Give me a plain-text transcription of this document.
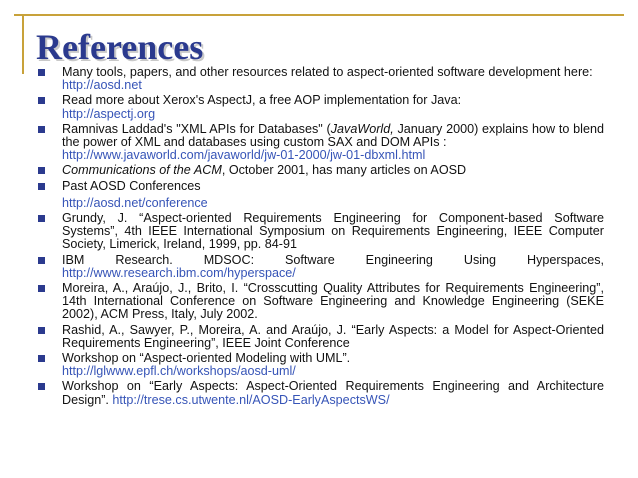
References
Many tools, papers, and other resources related to aspect-oriented software development here:
http://aosd.net
Read more about Xerox's AspectJ, a free AOP implementation for Java:
http://aspectj.org
Ramnivas Laddad's "XML APIs for Databases" (JavaWorld, January 2000) explains how to blend the power of XML and databases using custom SAX and DOM APIs :
http://www.javaworld.com/javaworld/jw-01-2000/jw-01-dbxml.html
Communications of the ACM, October 2001, has many articles on AOSD
Past AOSD Conferences
http://aosd.net/conference
Grundy, J. “Aspect-oriented Requirements Engineering for Component-based Software Systems”, 4th IEEE International Symposium on Requirements Engineering, IEEE Computer Society, Limerick, Ireland, 1999, pp. 84-91
IBM Research. MDSOC: Software Engineering Using Hyperspaces, http://www.research.ibm.com/hyperspace/
Moreira, A., Araújo, J., Brito, I. “Crosscutting Quality Attributes for Requirements Engineering”, 14th International Conference on Software Engineering and Knowledge Engineering (SEKE 2002), ACM Press, Italy, July 2002.
Rashid, A., Sawyer, P., Moreira, A. and Araújo, J. “Early Aspects: a Model for Aspect-Oriented Requirements Engineering”, IEEE Joint Conference
Workshop on “Aspect-oriented Modeling with UML”.
http://lglwww.epfl.ch/workshops/aosd-uml/
Workshop on “Early Aspects: Aspect-Oriented Requirements Engineering and Architecture Design”. http://trese.cs.utwente.nl/AOSD-EarlyAspectsWS/
